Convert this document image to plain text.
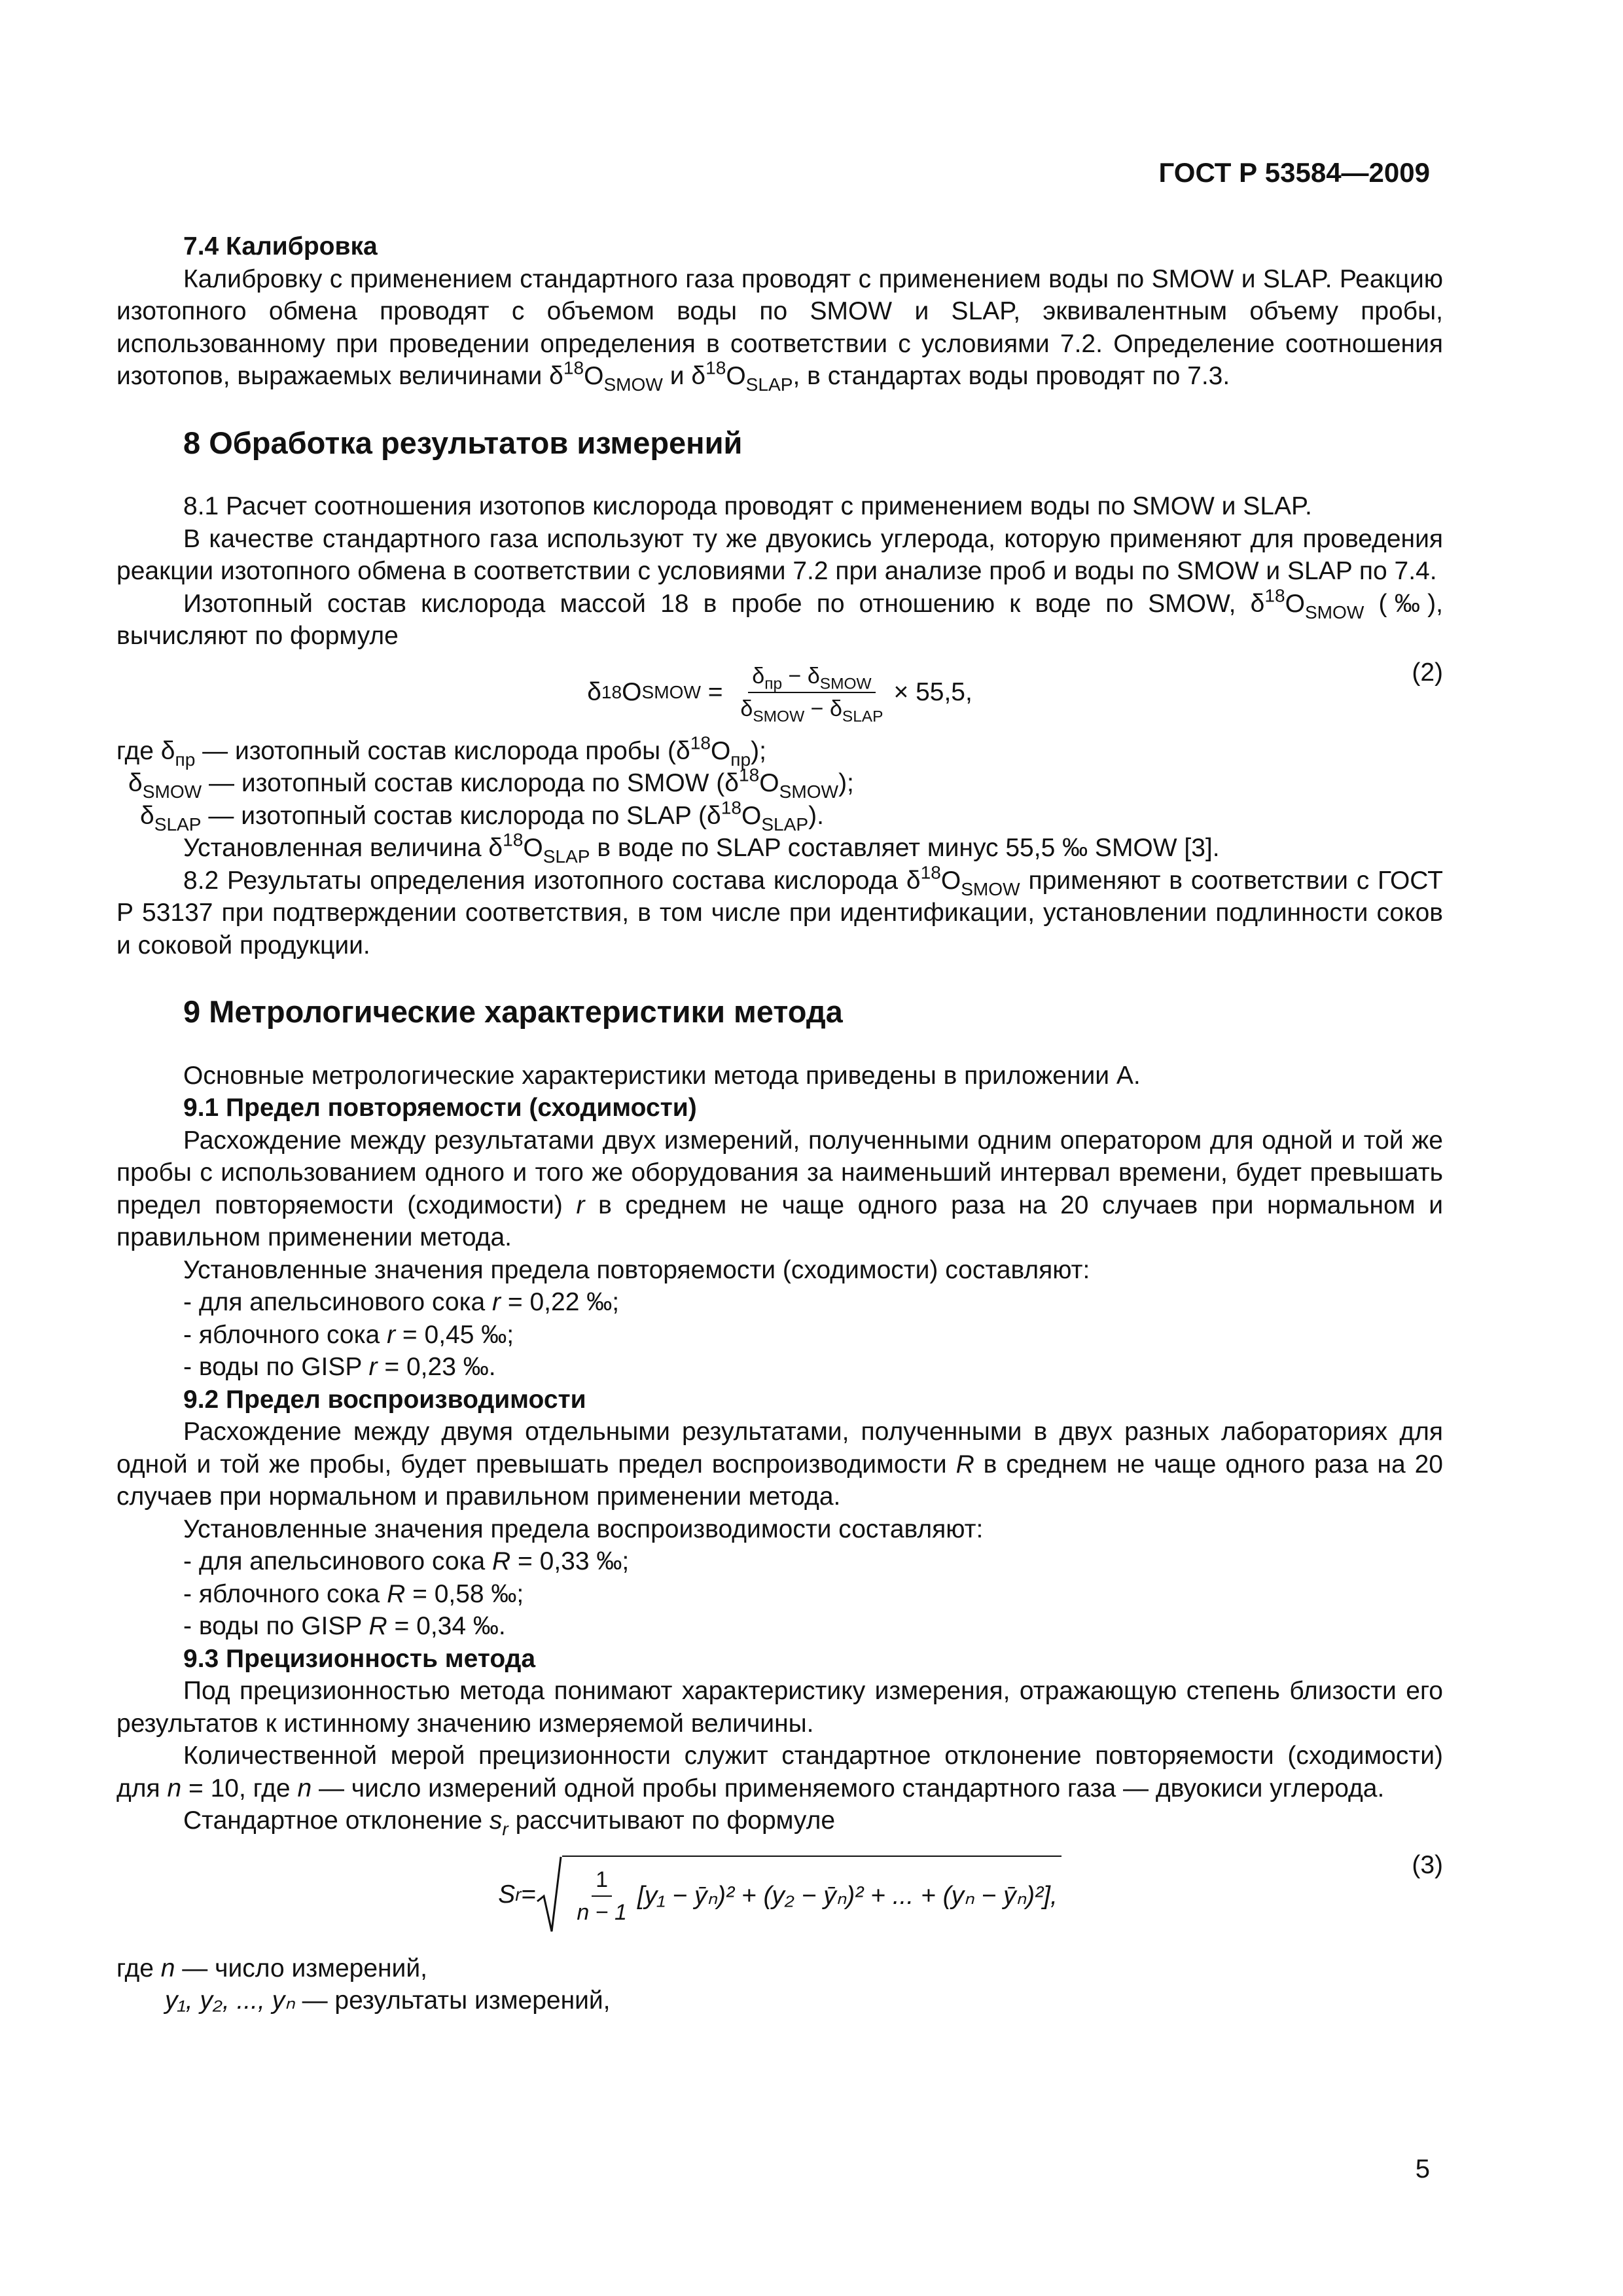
ГОСТ Р 53584—2009

7.4 Калибровка

Калибровку с применением стандартного газа проводят с применением воды по SMOW и SLAP. Реакцию изотопного обмена проводят с объемом воды по SMOW и SLAP, эквивалентным объему пробы, использованному при проведении определения в соответствии с условиями 7.2. Определение соотношения изотопов, выражаемых величинами $\delta^{18}O_{SMOW}$ и $\delta^{18}O_{SLAP}$, в стандартах воды проводят по 7.3.

8 Обработка результатов измерений

8.1 Расчет соотношения изотопов кислорода проводят с применением воды по SMOW и SLAP.

В качестве стандартного газа используют ту же двуокись углерода, которую применяют для проведения реакции изотопного обмена в соответствии с условиями 7.2 при анализе проб и воды по SMOW и SLAP по 7.4.

Изотопный состав кислорода массой 18 в пробе по отношению к воде по SMOW, $\delta^{18}O_{SMOW}$ (‰), вычисляют по формуле

δ 18 O SMOW = $\frac{\delta_{пр} - \delta_{SMOW}}{\delta_{SMOW} - \delta_{SLAP}} \times 55,5$,
(2)

где $\delta_{пр}$ — изотопный состав кислорода пробы $(\delta^{18}O_{пр})$;

$\delta_{SMOW}$ — изотопный состав кислорода по SMOW $(\delta^{18}O_{SMOW})$;

$\delta_{SLAP}$ — изотопный состав кислорода по SLAP $(\delta^{18}O_{SLAP})$.

Установленная величина $\delta^{18}O_{SLAP}$ в воде по SLAP составляет минус 55,5 ‰ SMOW [3].

8.2 Результаты определения изотопного состава кислорода $\delta^{18}O_{SMOW}$ применяют в соответствии с ГОСТ Р 53137 при подтверждении соответствия, в том числе при идентификации, установлении подлинности соков и соковой продукции.

9 Метрологические характеристики метода

Основные метрологические характеристики метода приведены в приложении А.

9.1 Предел повторяемости (сходимости)

Расхождение между результатами двух измерений, полученными одним оператором для одной и той же пробы с использованием одного и того же оборудования за наименьший интервал времени, будет превышать предел повторяемости (сходимости) r в среднем не чаще одного раза на 20 случаев при нормальном и правильном применении метода.

Установленные значения предела повторяемости (сходимости) составляют:

- для апельсинового сока r = 0,22 ‰;
- яблочного сока r = 0,45 ‰;
- воды по GISP r = 0,23 ‰.

9.2 Предел воспроизводимости

Расхождение между двумя отдельными результатами, полученными в двух разных лабораториях для одной и той же пробы, будет превышать предел воспроизводимости R в среднем не чаще одного раза на 20 случаев при нормальном и правильном применении метода.

Установленные значения предела воспроизводимости составляют:

- для апельсинового сока R = 0,33 ‰;
- яблочного сока R = 0,58 ‰;
- воды по GISP R = 0,34 ‰.

9.3 Прецизионность метода

Под прецизионностью метода понимают характеристику измерения, отражающую степень близости его результатов к истинному значению измеряемой величины.

Количественной мерой прецизионности служит стандартное отклонение повторяемости (сходимости) для n = 10, где n — число измерений одной пробы применяемого стандартного газа — двуокиси углерода.

Стандартное отклонение $s_r$ рассчитывают по формуле

S $r = \frac{1}{n - 1} [y_1$ − ȳₙ)² + (y₂ − ȳₙ)² + ... + (yₙ − ȳₙ)²],
(3)

где n — число измерений,

y₁, y₂, ..., yₙ — результаты измерений,

5
